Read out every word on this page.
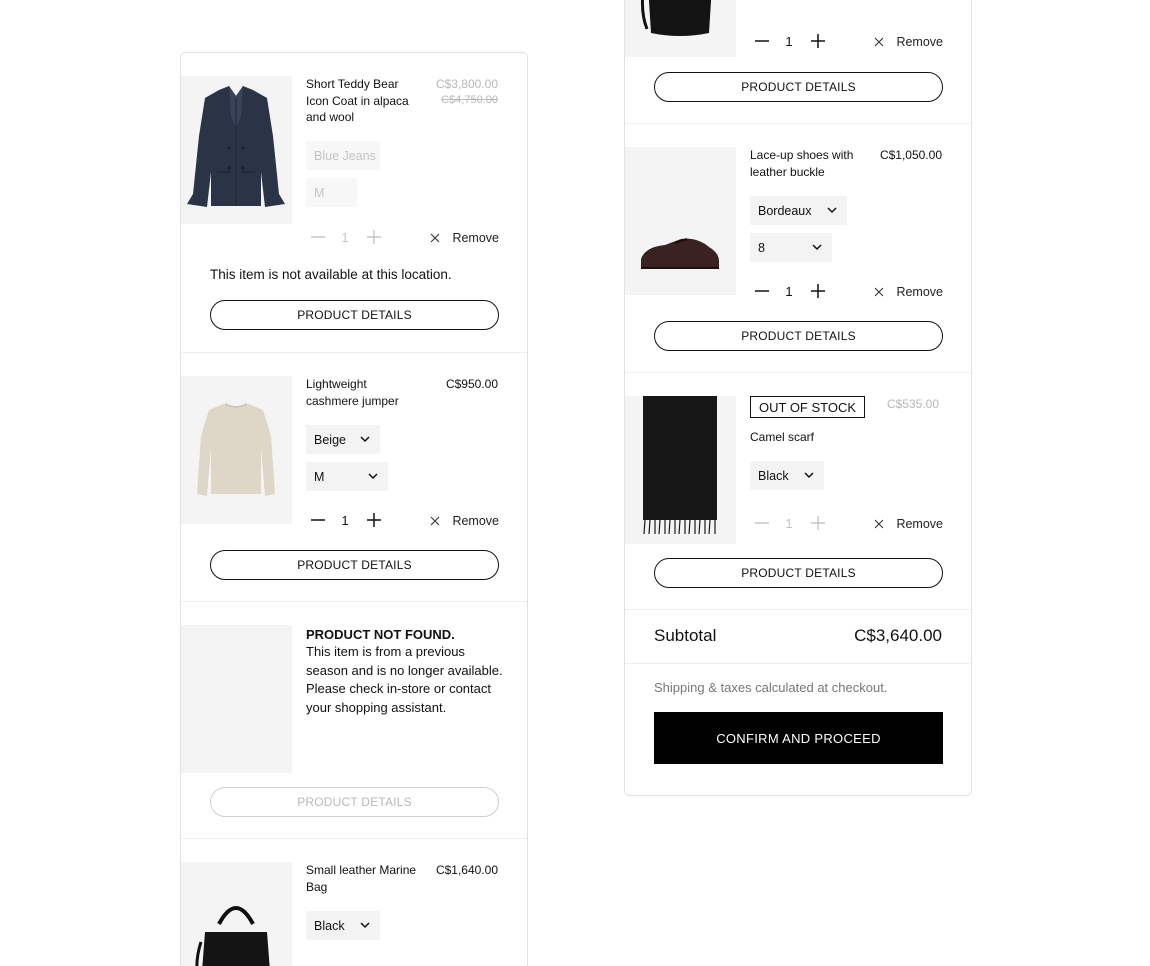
Short Teddy Bear Icon Coat in alpaca and wool
C$3,800.00
C$4,750.00
Blue Jeans
M
1	Remove
This item is not available at this location.
PRODUCT DETAILS
Lightweight cashmere jumper
C$950.00
Beige
M
1	Remove
PRODUCT DETAILS
PRODUCT NOT FOUND.
This item is from a previous season and is no longer available. Please check in-store or contact your shopping assistant.
PRODUCT DETAILS
Small leather Marine Bag
C$1,640.00
Black
1	Remove
PRODUCT DETAILS
Lace-up shoes with leather buckle
C$1,050.00
Bordeaux
8
1	Remove
PRODUCT DETAILS
OUT OF STOCK	C$535.00
Camel scarf
Black
1	Remove
PRODUCT DETAILS
Subtotal	C$3,640.00
Shipping & taxes calculated at checkout.
CONFIRM AND PROCEED
